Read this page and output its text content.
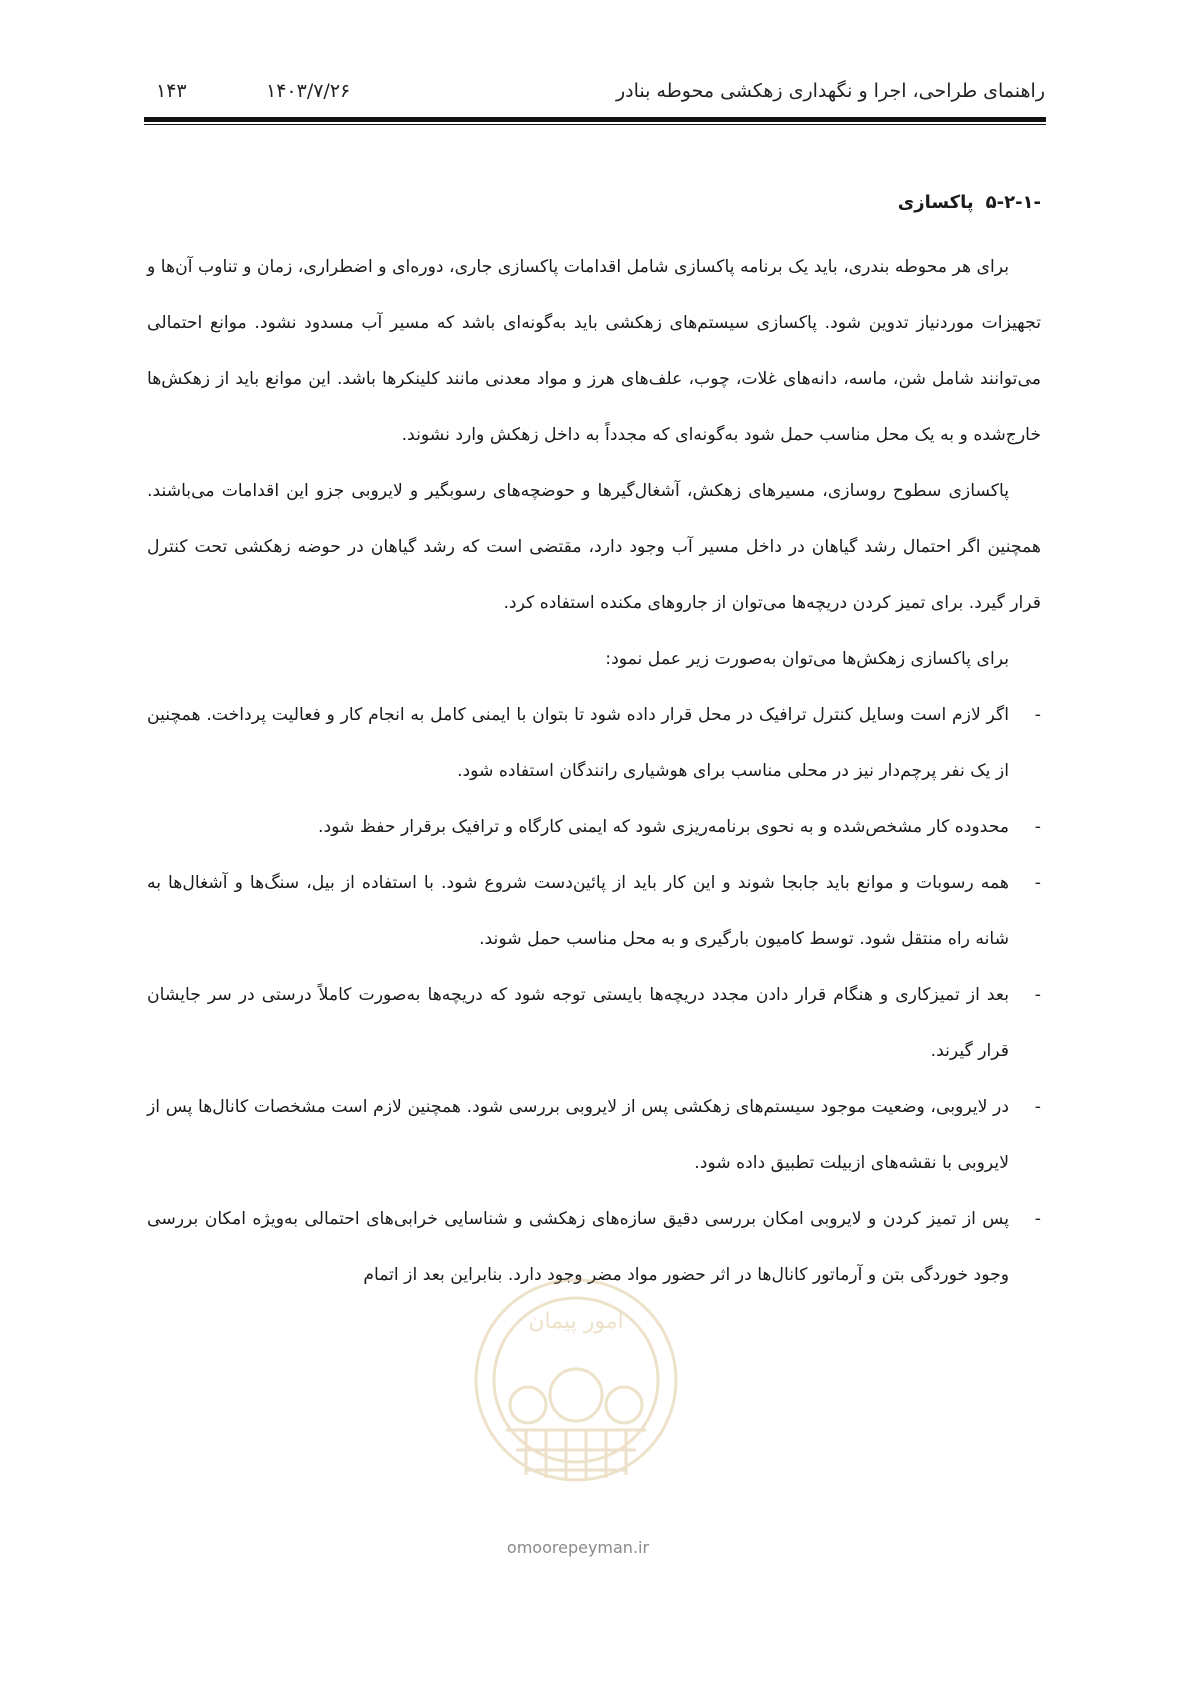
راهنمای طراحی، اجرا و نگهداری زهکشی محوطه بنادر
۱۴۰۳/۷/۲۶
۱۴۳
۵-۲-۱-پاکسازی

برای هر محوطه بندری، باید یک برنامه پاکسازی شامل اقدامات پاکسازی جاری، دوره‌ای و اضطراری، زمان و تناوب آن‌ها و تجهیزات موردنیاز تدوین شود. پاکسازی سیستم‌های زهکشی باید به‌گونه‌ای باشد که مسیر آب مسدود نشود. موانع احتمالی می‌توانند شامل شن، ماسه، دانه‌های غلات، چوب، علف‌های هرز و مواد معدنی مانند کلینکرها باشد. این موانع باید از زهکش‌ها خارج‌شده و به یک محل مناسب حمل شود به‌گونه‌ای که مجدداً به داخل زهکش وارد نشوند.

پاکسازی سطوح روسازی، مسیرهای زهکش، آشغال‌گیرها و حوضچه‌های رسوبگیر و لایروبی جزو این اقدامات می‌باشند. همچنین اگر احتمال رشد گیاهان در داخل مسیر آب وجود دارد، مقتضی است که رشد گیاهان در حوضه زهکشی تحت کنترل قرار گیرد. برای تمیز کردن دریچه‌ها می‌توان از جاروهای مکنده استفاده کرد.

برای پاکسازی زهکش‌ها می‌توان به‌صورت زیر عمل نمود:

-
اگر لازم است وسایل کنترل ترافیک در محل قرار داده شود تا بتوان با ایمنی کامل به انجام کار و فعالیت پرداخت. همچنین از یک نفر پرچم‌دار نیز در محلی مناسب برای هوشیاری رانندگان استفاده شود.
-
محدوده کار مشخص‌شده و به نحوی برنامه‌ریزی شود که ایمنی کارگاه و ترافیک برقرار حفظ شود.
-
همه رسوبات و موانع باید جابجا شوند و این کار باید از پائین‌دست شروع شود. با استفاده از بیل، سنگ‌ها و آشغال‌ها به شانه راه منتقل شود. توسط کامیون بارگیری و به محل مناسب حمل شوند.
-
بعد از تمیزکاری و هنگام قرار دادن مجدد دریچه‌ها بایستی توجه شود که دریچه‌ها به‌صورت کاملاً درستی در سر جایشان قرار گیرند.
-
در لایروبی، وضعیت موجود سیستم‌های زهکشی پس از لایروبی بررسی شود. همچنین لازم است مشخصات کانال‌ها پس از لایروبی با نقشه‌های ازبیلت تطبیق داده شود.
-
پس از تمیز کردن و لایروبی امکان بررسی دقیق سازه‌های زهکشی و شناسایی خرابی‌های احتمالی به‌ویژه امکان بررسی وجود خوردگی بتن و آرماتور کانال‌ها در اثر حضور مواد مضر وجود دارد. بنابراین بعد از اتمام
امور پیمان
omoorepeyman.ir
